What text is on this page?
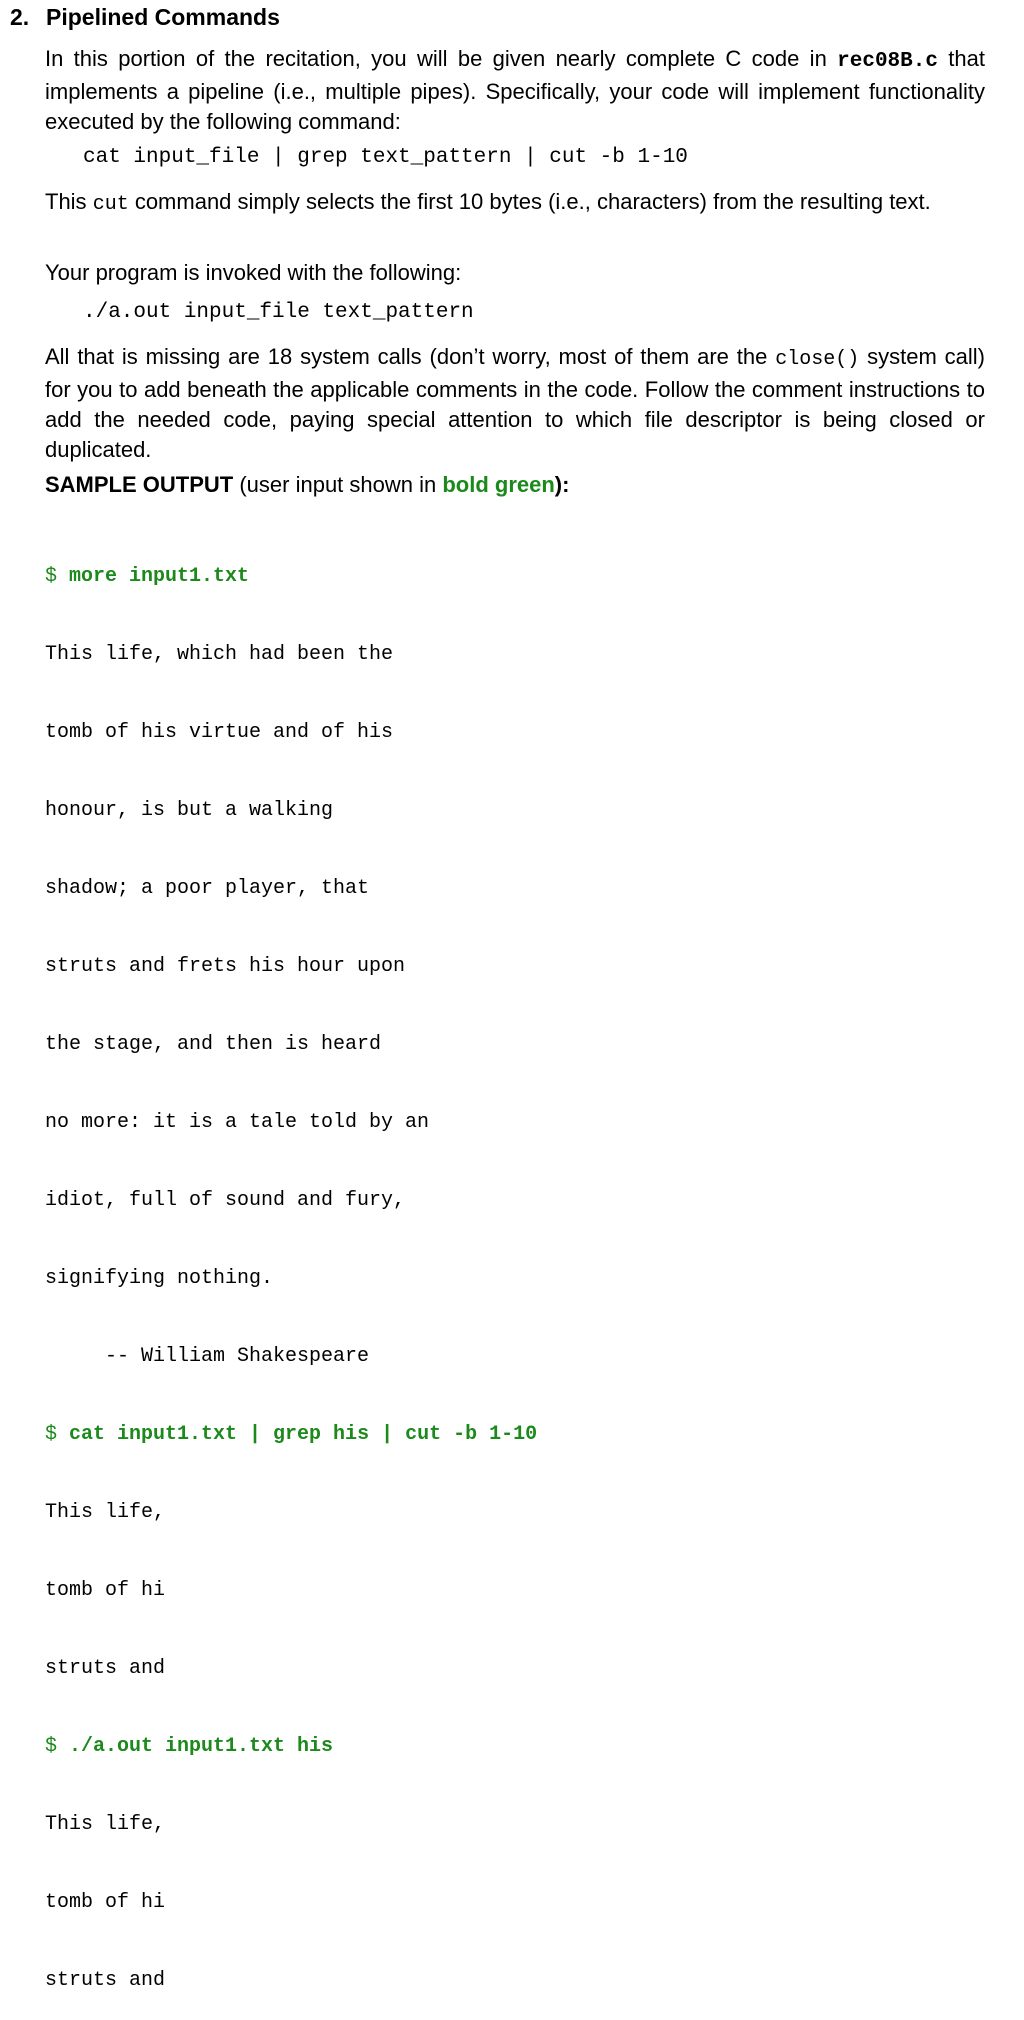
2. Pipelined Commands
In this portion of the recitation, you will be given nearly complete C code in rec08B.c that implements a pipeline (i.e., multiple pipes). Specifically, your code will implement functionality executed by the following command:
cat input_file | grep text_pattern | cut -b 1-10
This cut command simply selects the first 10 bytes (i.e., characters) from the resulting text.
Your program is invoked with the following:
./a.out input_file text_pattern
All that is missing are 18 system calls (don’t worry, most of them are the close() system call) for you to add beneath the applicable comments in the code. Follow the comment instructions to add the needed code, paying special attention to which file descriptor is being closed or duplicated.
SAMPLE OUTPUT (user input shown in bold green):

$ more input1.txt

This life, which had been the

tomb of his virtue and of his

honour, is but a walking

shadow; a poor player, that

struts and frets his hour upon

the stage, and then is heard

no more: it is a tale told by an

idiot, full of sound and fury,

signifying nothing.

-- William Shakespeare

$ cat input1.txt | grep his | cut -b 1-10

This life,

tomb of hi

struts and

$ ./a.out input1.txt his

This life,

tomb of hi

struts and
